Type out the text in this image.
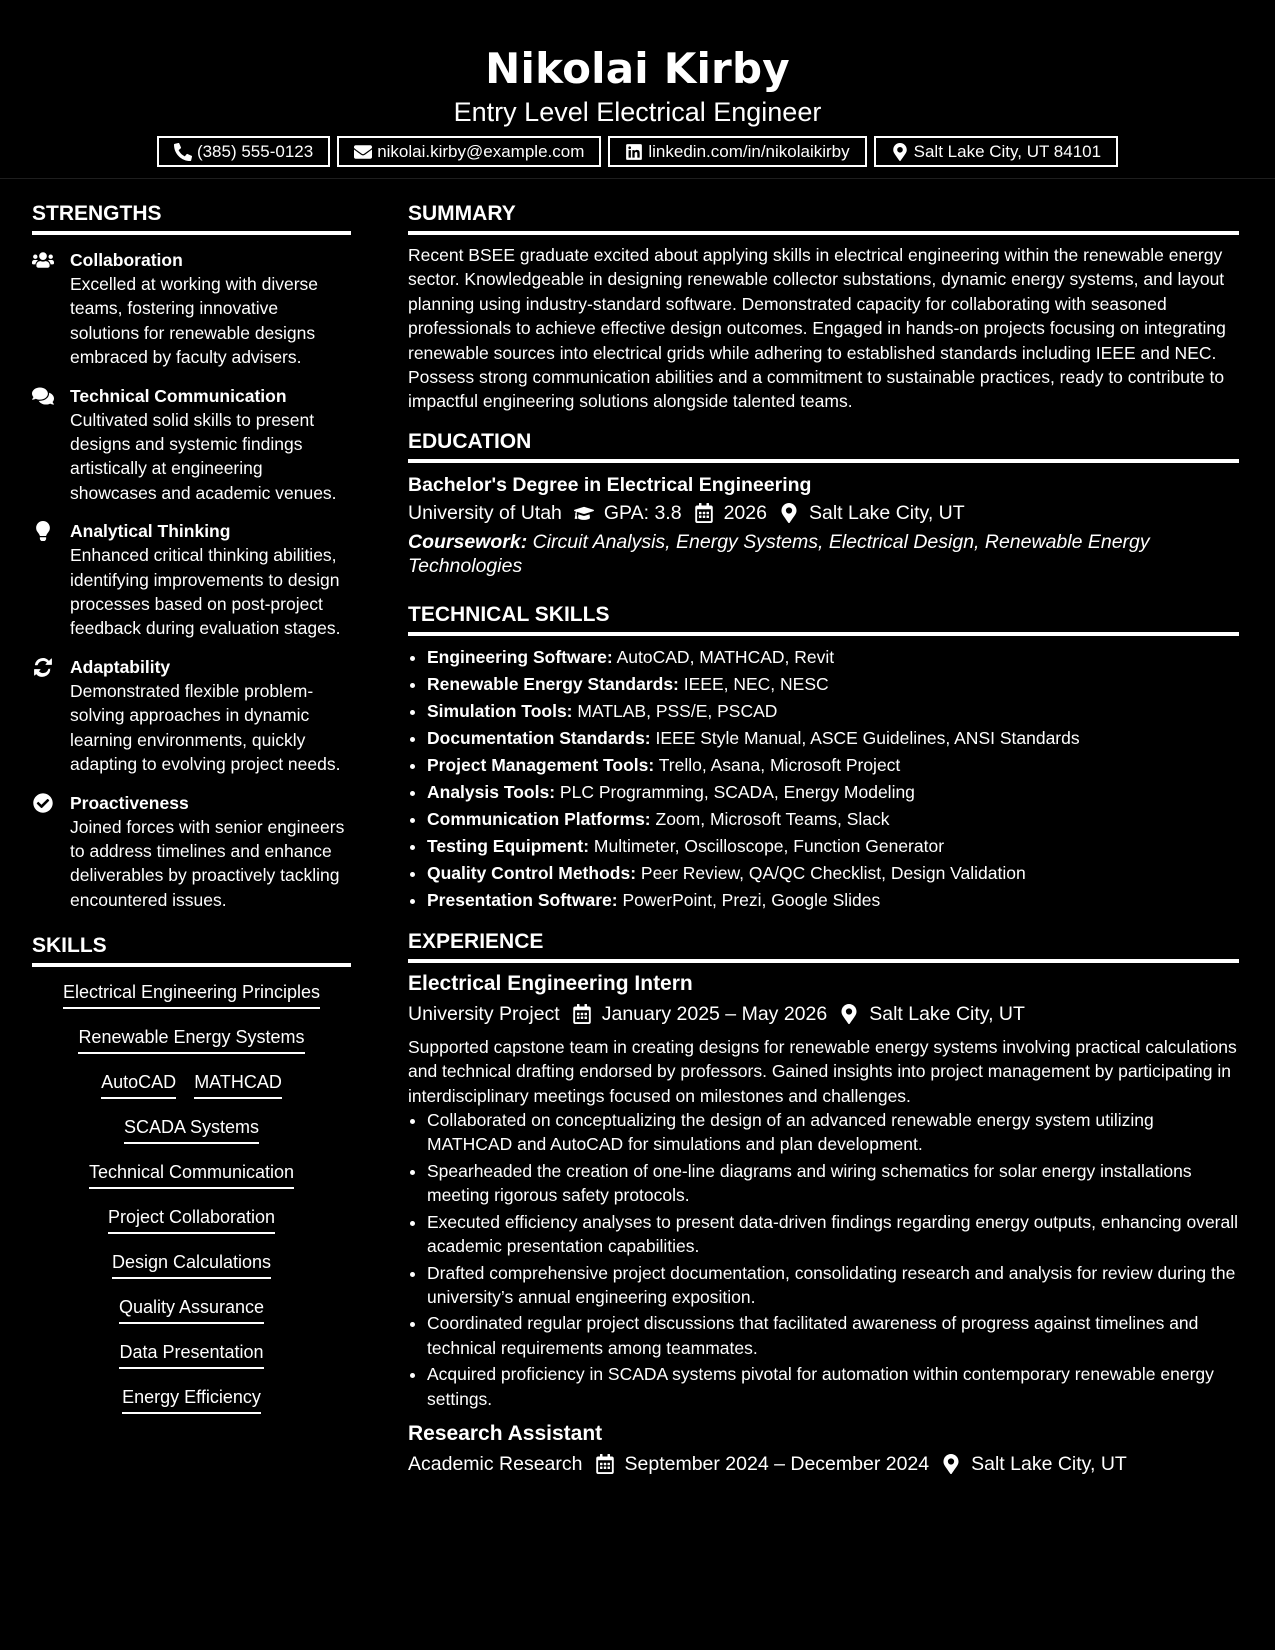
Nikolai Kirby
Entry Level Electrical Engineer
(385) 555-0123	nikolai.kirby@example.com	linkedin.com/in/nikolaikirby	Salt Lake City, UT 84101
STRENGTHS
Collaboration
Excelled at working with diverse teams, fostering innovative solutions for renewable designs embraced by faculty advisers.
Technical Communication
Cultivated solid skills to present designs and systemic findings artistically at engineering showcases and academic venues.
Analytical Thinking
Enhanced critical thinking abilities, identifying improvements to design processes based on post-project feedback during evaluation stages.
Adaptability
Demonstrated flexible problem-solving approaches in dynamic learning environments, quickly adapting to evolving project needs.
Proactiveness
Joined forces with senior engineers to address timelines and enhance deliverables by proactively tackling encountered issues.
SKILLS
Electrical Engineering Principles
Renewable Energy Systems
AutoCAD MATHCAD
SCADA Systems
Technical Communication
Project Collaboration
Design Calculations
Quality Assurance
Data Presentation
Energy Efficiency
SUMMARY
Recent BSEE graduate excited about applying skills in electrical engineering within the renewable energy sector. Knowledgeable in designing renewable collector substations, dynamic energy systems, and layout planning using industry-standard software. Demonstrated capacity for collaborating with seasoned professionals to achieve effective design outcomes. Engaged in hands-on projects focusing on integrating renewable sources into electrical grids while adhering to established standards including IEEE and NEC. Possess strong communication abilities and a commitment to sustainable practices, ready to contribute to impactful engineering solutions alongside talented teams.
EDUCATION
Bachelor's Degree in Electrical Engineering
University of Utah GPA: 3.8 2026 Salt Lake City, UT
Coursework: Circuit Analysis, Energy Systems, Electrical Design, Renewable Energy Technologies
TECHNICAL SKILLS
• Engineering Software: AutoCAD, MATHCAD, Revit
• Renewable Energy Standards: IEEE, NEC, NESC
• Simulation Tools: MATLAB, PSS/E, PSCAD
• Documentation Standards: IEEE Style Manual, ASCE Guidelines, ANSI Standards
• Project Management Tools: Trello, Asana, Microsoft Project
• Analysis Tools: PLC Programming, SCADA, Energy Modeling
• Communication Platforms: Zoom, Microsoft Teams, Slack
• Testing Equipment: Multimeter, Oscilloscope, Function Generator
• Quality Control Methods: Peer Review, QA/QC Checklist, Design Validation
• Presentation Software: PowerPoint, Prezi, Google Slides
EXPERIENCE
Electrical Engineering Intern
University Project January 2025 – May 2026 Salt Lake City, UT
Supported capstone team in creating designs for renewable energy systems involving practical calculations and technical drafting endorsed by professors. Gained insights into project management by participating in interdisciplinary meetings focused on milestones and challenges.
• Collaborated on conceptualizing the design of an advanced renewable energy system utilizing MATHCAD and AutoCAD for simulations and plan development.
• Spearheaded the creation of one-line diagrams and wiring schematics for solar energy installations meeting rigorous safety protocols.
• Executed efficiency analyses to present data-driven findings regarding energy outputs, enhancing overall academic presentation capabilities.
• Drafted comprehensive project documentation, consolidating research and analysis for review during the university’s annual engineering exposition.
• Coordinated regular project discussions that facilitated awareness of progress against timelines and technical requirements among teammates.
• Acquired proficiency in SCADA systems pivotal for automation within contemporary renewable energy settings.
Research Assistant
Academic Research September 2024 – December 2024 Salt Lake City, UT
